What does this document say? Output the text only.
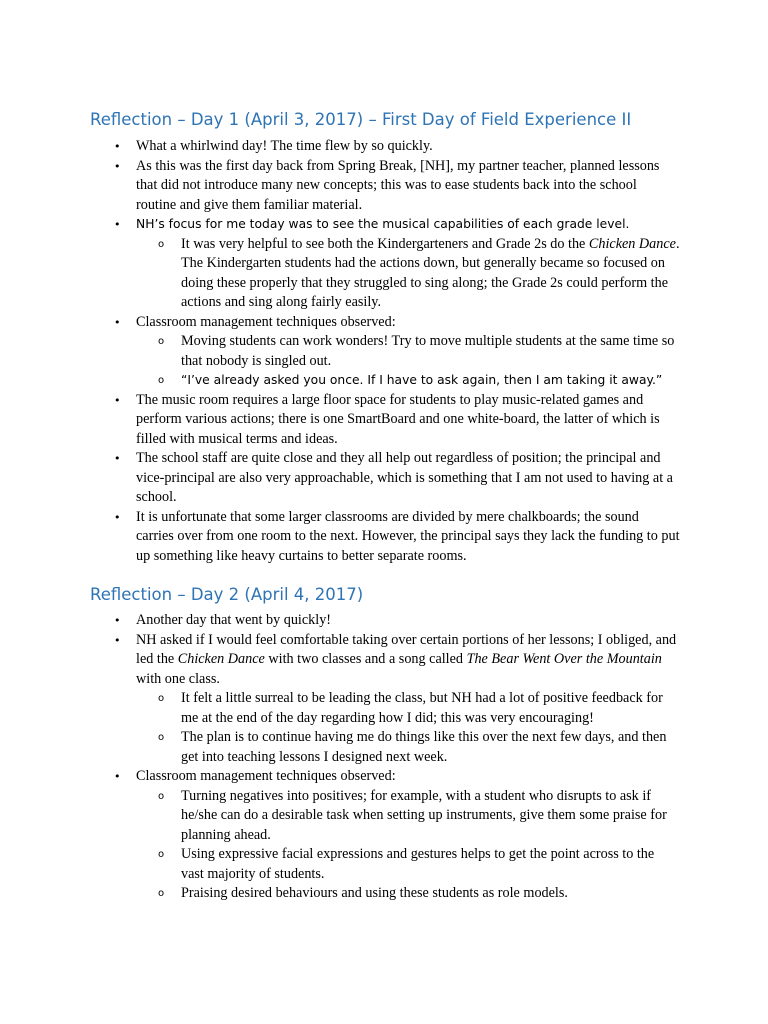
Reflection – Day 1 (April 3, 2017) – First Day of Field Experience II
•	What a whirlwind day! The time flew by so quickly.
•	As this was the first day back from Spring Break, [NH], my partner teacher, planned lessons that did not introduce many new concepts; this was to ease students back into the school routine and give them familiar material.
•	NH’s focus for me today was to see the musical capabilities of each grade level.
o It was very helpful to see both the Kindergarteners and Grade 2s do the Chicken Dance. The Kindergarten students had the actions down, but generally became so focused on doing these properly that they struggled to sing along; the Grade 2s could perform the actions and sing along fairly easily.
•	Classroom management techniques observed:
o Moving students can work wonders! Try to move multiple students at the same time so that nobody is singled out.
o “I’ve already asked you once. If I have to ask again, then I am taking it away.”
•	The music room requires a large floor space for students to play music-related games and perform various actions; there is one SmartBoard and one white-board, the latter of which is filled with musical terms and ideas.
•	The school staff are quite close and they all help out regardless of position; the principal and vice-principal are also very approachable, which is something that I am not used to having at a school.
•	It is unfortunate that some larger classrooms are divided by mere chalkboards; the sound carries over from one room to the next. However, the principal says they lack the funding to put up something like heavy curtains to better separate rooms.
Reflection – Day 2 (April 4, 2017)
•	Another day that went by quickly!
•	NH asked if I would feel comfortable taking over certain portions of her lessons; I obliged, and led the Chicken Dance with two classes and a song called The Bear Went Over the Mountain with one class.
o It felt a little surreal to be leading the class, but NH had a lot of positive feedback for me at the end of the day regarding how I did; this was very encouraging!
o The plan is to continue having me do things like this over the next few days, and then get into teaching lessons I designed next week.
•	Classroom management techniques observed:
o Turning negatives into positives; for example, with a student who disrupts to ask if he/she can do a desirable task when setting up instruments, give them some praise for planning ahead.
o Using expressive facial expressions and gestures helps to get the point across to the vast majority of students.
o Praising desired behaviours and using these students as role models.
